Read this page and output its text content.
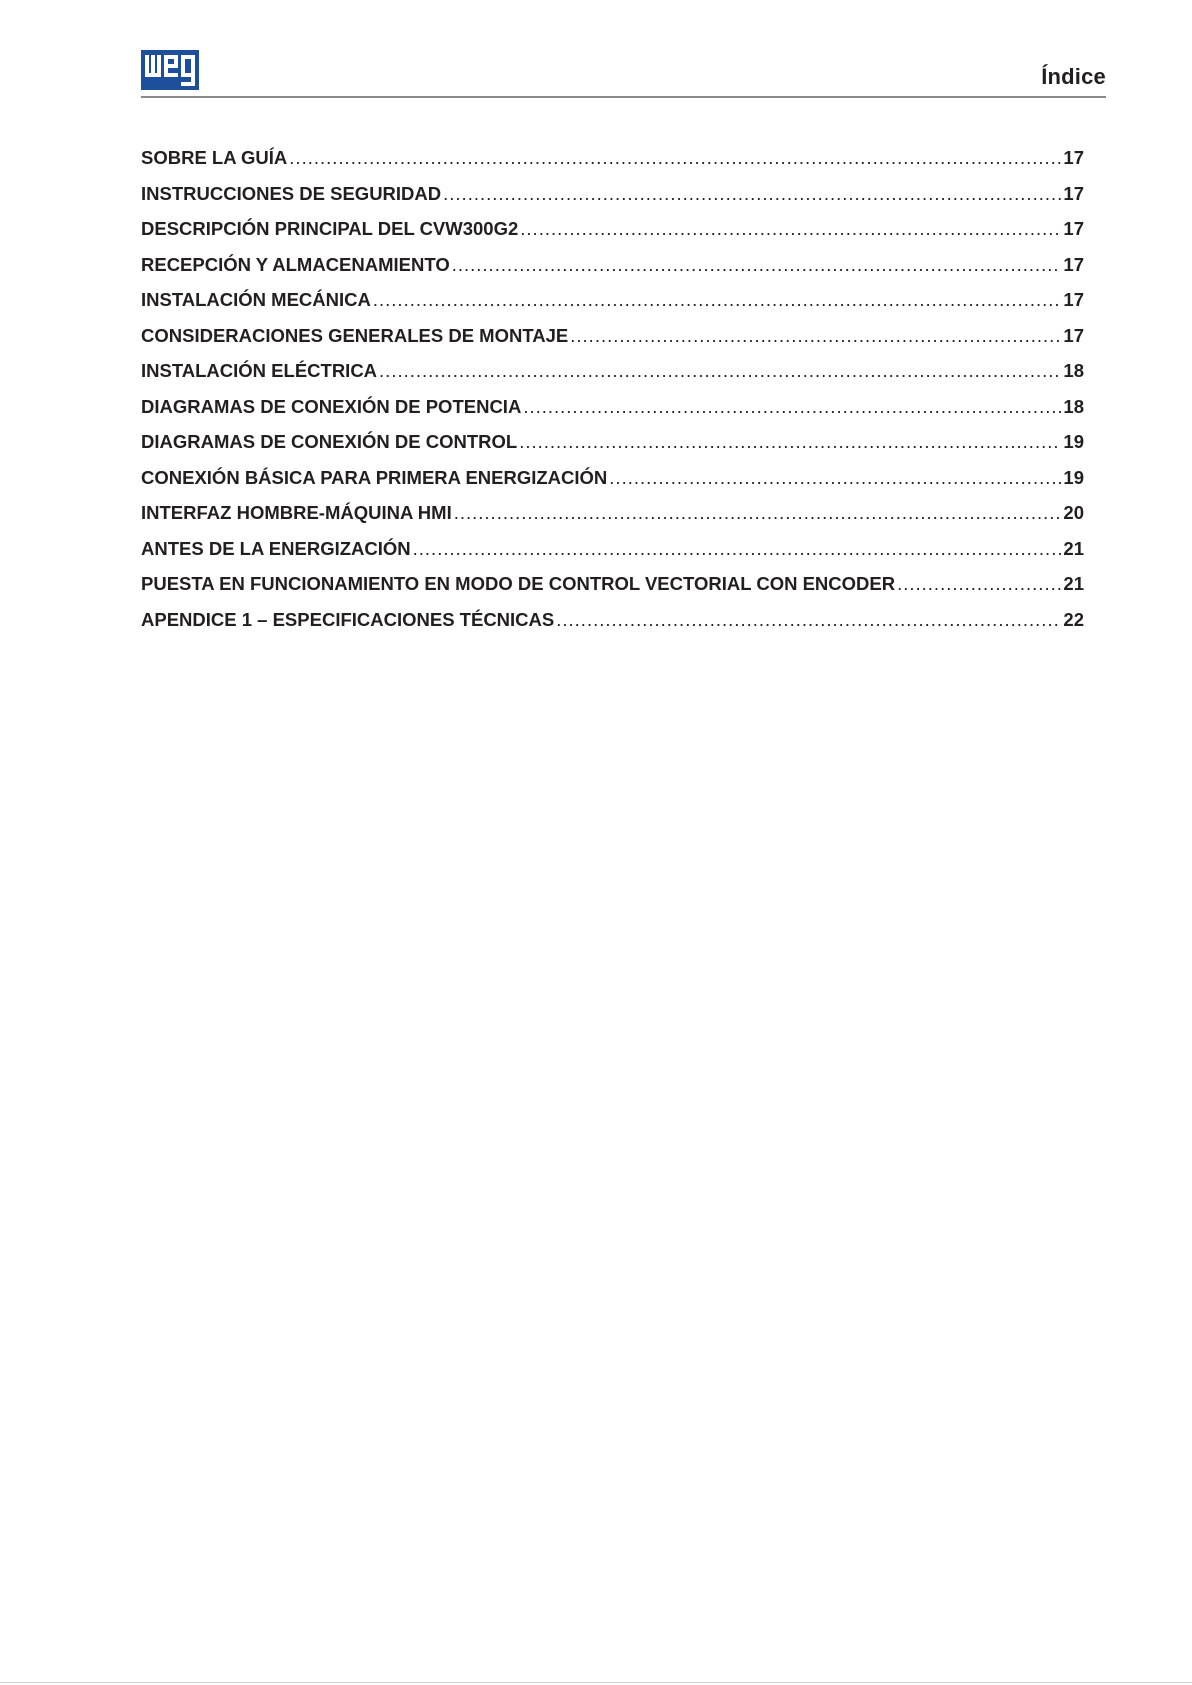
Índice
SOBRE LA GUÍA .....	17
INSTRUCCIONES DE SEGURIDAD .....	17
DESCRIPCIÓN PRINCIPAL DEL CVW300G2 .....	17
RECEPCIÓN Y ALMACENAMIENTO .....	17
INSTALACIÓN MECÁNICA .....	17
CONSIDERACIONES GENERALES DE MONTAJE .....	17
INSTALACIÓN ELÉCTRICA .....	18
DIAGRAMAS DE CONEXIÓN DE POTENCIA .....	18
DIAGRAMAS DE CONEXIÓN DE CONTROL .....	19
CONEXIÓN BÁSICA PARA PRIMERA ENERGIZACIÓN .....	19
INTERFAZ HOMBRE-MÁQUINA HMI .....	20
ANTES DE LA ENERGIZACIÓN .....	21
PUESTA EN FUNCIONAMIENTO EN MODO DE CONTROL VECTORIAL CON ENCODER .....	21
APENDICE 1 – ESPECIFICACIONES TÉCNICAS .....	22
